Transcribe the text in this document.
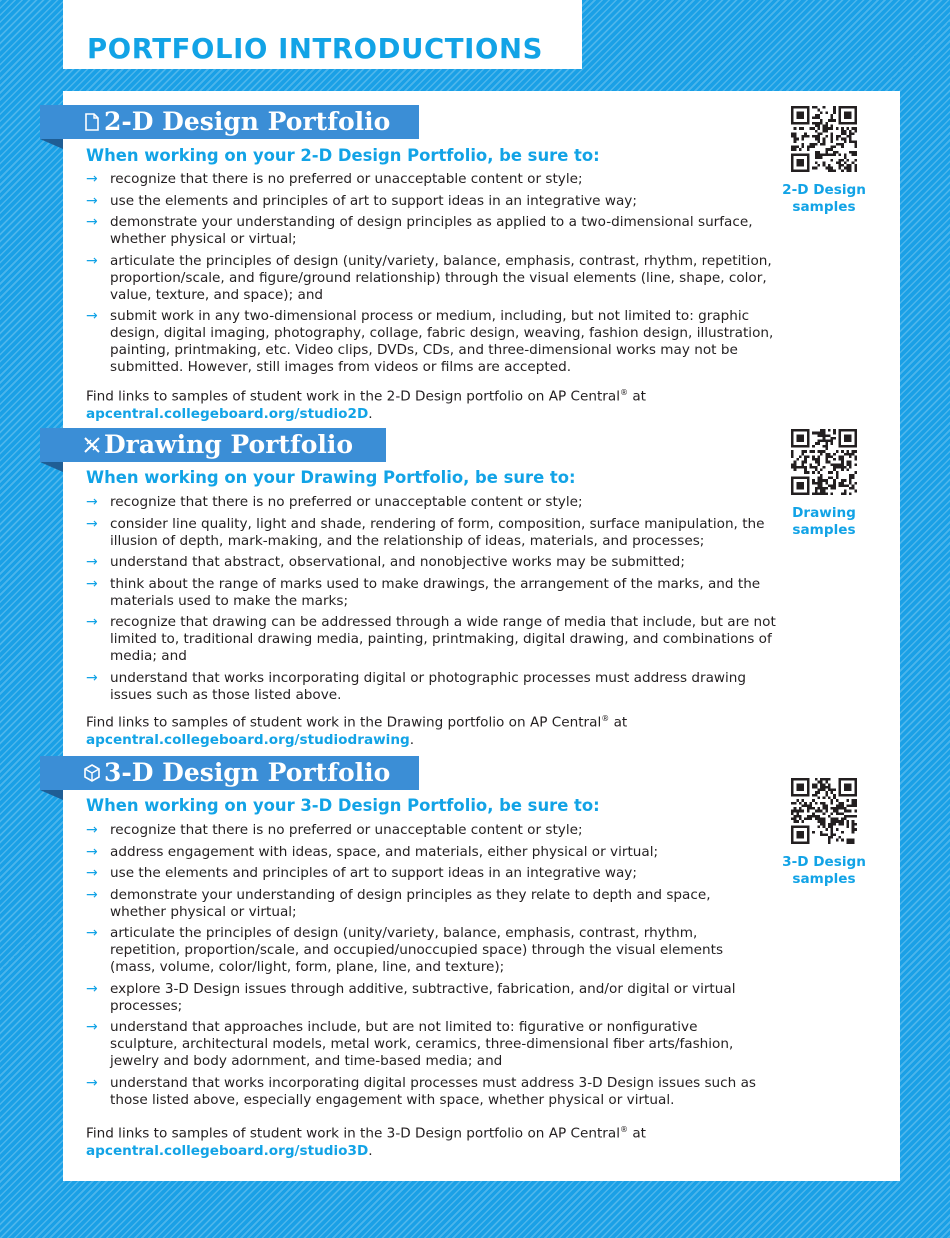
PORTFOLIO INTRODUCTIONS
2-D Design Portfolio
When working on your 2-D Design Portfolio, be sure to:
→ recognize that there is no preferred or unacceptable content or style;
→ use the elements and principles of art to support ideas in an integrative way;
→ demonstrate your understanding of design principles as applied to a two-dimensional surface, whether physical or virtual;
→ articulate the principles of design (unity/variety, balance, emphasis, contrast, rhythm, repetition, proportion/scale, and figure/ground relationship) through the visual elements (line, shape, color, value, texture, and space); and
→ submit work in any two-dimensional process or medium, including, but not limited to: graphic design, digital imaging, photography, collage, fabric design, weaving, fashion design, illustration, painting, printmaking, etc. Video clips, DVDs, CDs, and three-dimensional works may not be submitted. However, still images from videos or films are accepted.
Find links to samples of student work in the 2-D Design portfolio on AP Central® at
apcentral.collegeboard.org/studio2D.
2-D Design
samples
Drawing Portfolio
When working on your Drawing Portfolio, be sure to:
→ recognize that there is no preferred or unacceptable content or style;
→ consider line quality, light and shade, rendering of form, composition, surface manipulation, the illusion of depth, mark-making, and the relationship of ideas, materials, and processes;
→ understand that abstract, observational, and nonobjective works may be submitted;
→ think about the range of marks used to make drawings, the arrangement of the marks, and the materials used to make the marks;
→ recognize that drawing can be addressed through a wide range of media that include, but are not limited to, traditional drawing media, painting, printmaking, digital drawing, and combinations of media; and
→ understand that works incorporating digital or photographic processes must address drawing issues such as those listed above.
Find links to samples of student work in the Drawing portfolio on AP Central® at
apcentral.collegeboard.org/studiodrawing.
Drawing
samples
3-D Design Portfolio
When working on your 3-D Design Portfolio, be sure to:
→ recognize that there is no preferred or unacceptable content or style;
→ address engagement with ideas, space, and materials, either physical or virtual;
→ use the elements and principles of art to support ideas in an integrative way;
→ demonstrate your understanding of design principles as they relate to depth and space, whether physical or virtual;
→ articulate the principles of design (unity/variety, balance, emphasis, contrast, rhythm, repetition, proportion/scale, and occupied/unoccupied space) through the visual elements (mass, volume, color/light, form, plane, line, and texture);
→ explore 3-D Design issues through additive, subtractive, fabrication, and/or digital or virtual processes;
→ understand that approaches include, but are not limited to: figurative or nonfigurative sculpture, architectural models, metal work, ceramics, three-dimensional fiber arts/fashion, jewelry and body adornment, and time-based media; and
→ understand that works incorporating digital processes must address 3-D Design issues such as those listed above, especially engagement with space, whether physical or virtual.
Find links to samples of student work in the 3-D Design portfolio on AP Central® at
apcentral.collegeboard.org/studio3D.
3-D Design
samples
